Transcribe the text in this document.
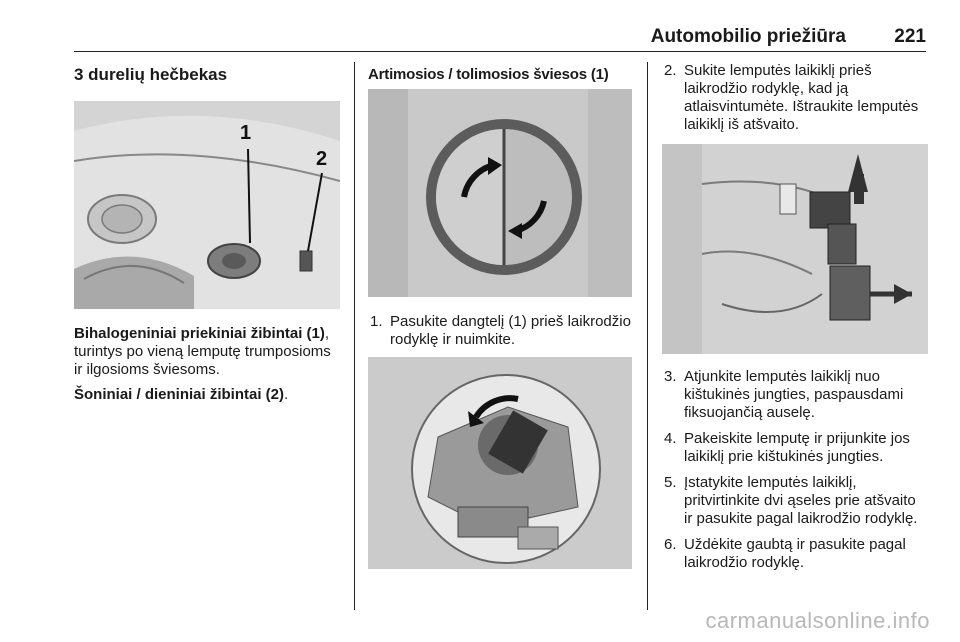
Automobilio priežiūra	221
3 durelių hečbekas
1
2

Bihalogeniniai priekiniai žibintai (1), turintys po vieną lemputę trumposioms ir ilgosioms šviesoms.

Šoniniai / dieniniai žibintai (2).

Artimosios / tolimosios šviesos (1)
1. Pasukite dangtelį (1) prieš laikrodžio rodyklę ir nuimkite.
2. Sukite lemputės laikiklį prieš laikrodžio rodyklę, kad ją atlaisvintumėte. Ištraukite lemputės laikiklį iš atšvaito.
3. Atjunkite lemputės laikiklį nuo kištukinės jungties, paspausdami fiksuojančią auselę.
4. Pakeiskite lemputę ir prijunkite jos laikiklį prie kištukinės jungties.
5. Įstatykite lemputės laikiklį, pritvirtinkite dvi ąseles prie atšvaito ir pasukite pagal laikrodžio rodyklę.
6. Uždėkite gaubtą ir pasukite pagal laikrodžio rodyklę.
carmanualsonline.info
